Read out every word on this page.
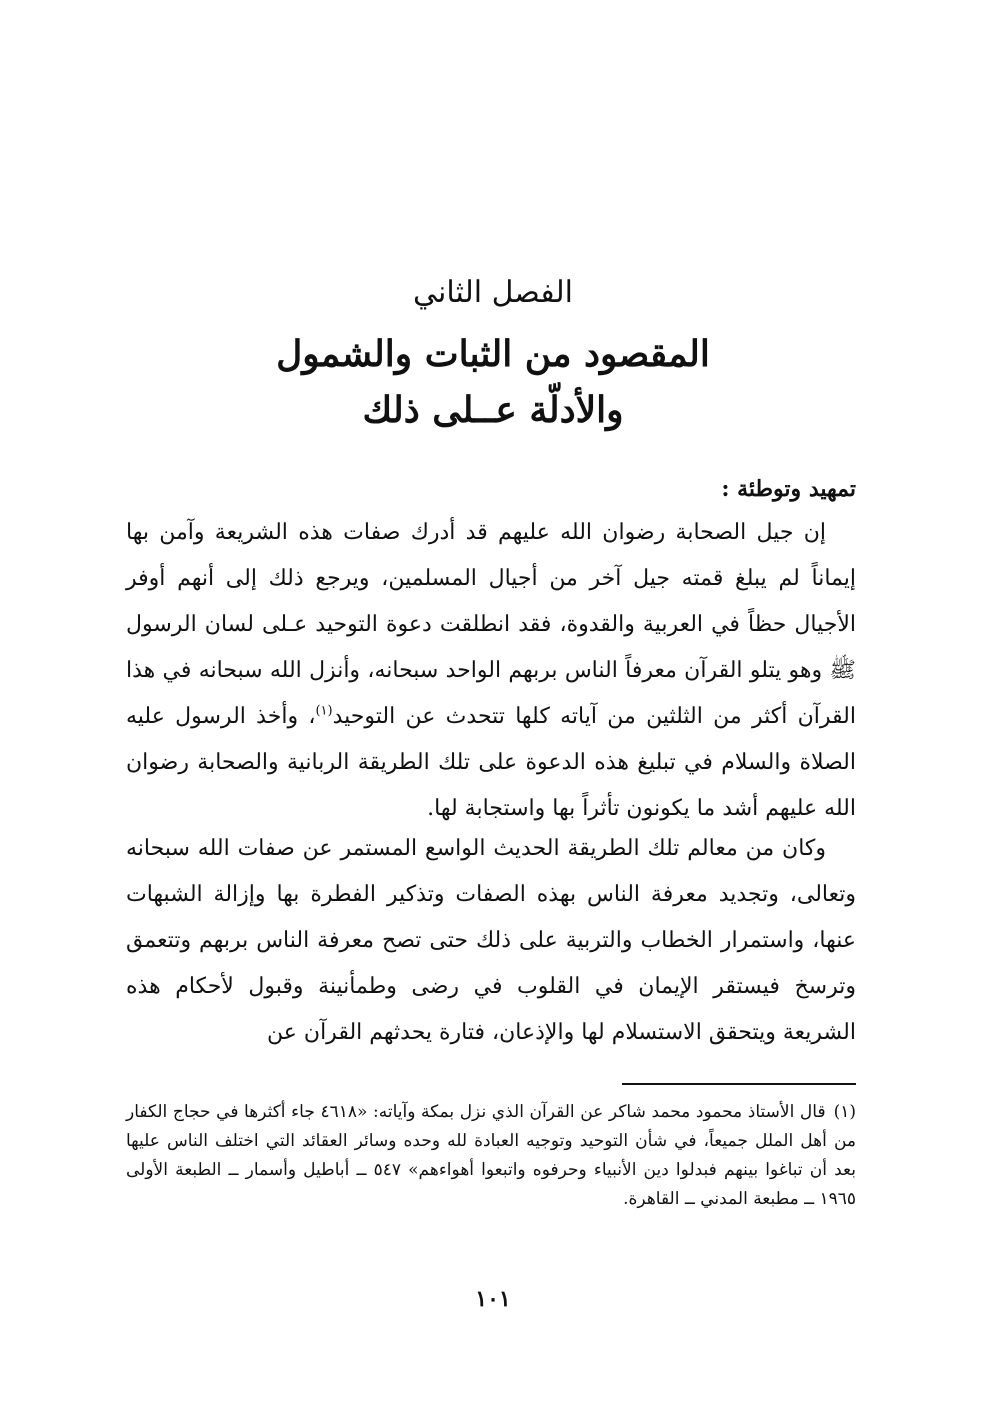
الفصل الثاني

المقصود من الثبات والشمول
والأدلّة عــلى ذلك
تمهيد وتوطئة :

إن جيل الصحابة رضوان الله عليهم قد أدرك صفات هذه الشريعة وآمن بها إيماناً لم يبلغ قمته جيل آخر من أجيال المسلمين، ويرجع ذلك إلى أنهم أوفر الأجيال حظاً في العربية والقدوة، فقد انطلقت دعوة التوحيد عـلى لسان الرسول ﷺ وهو يتلو القرآن معرفاً الناس بربهم الواحد سبحانه، وأنزل الله سبحانه في هذا القرآن أكثر من الثلثين من آياته كلها تتحدث عن التوحيد$^{(١)}$، وأخذ الرسول عليه الصلاة والسلام في تبليغ هذه الدعوة على تلك الطريقة الربانية والصحابة رضوان الله عليهم أشد ما يكونون تأثراً بها واستجابة لها.

وكان من معالم تلك الطريقة الحديث الواسع المستمر عن صفات الله سبحانه وتعالى، وتجديد معرفة الناس بهذه الصفات وتذكير الفطرة بها وإزالة الشبهات عنها، واستمرار الخطاب والتربية على ذلك حتى تصح معرفة الناس بربهم وتتعمق وترسخ فيستقر الإيمان في القلوب في رضى وطمأنينة وقبول لأحكام هذه الشريعة ويتحقق الاستسلام لها والإذعان، فتارة يحدثهم القرآن عن

(١)قال الأستاذ محمود محمد شاكر عن القرآن الذي نزل بمكة وآياته: «٤٦١٨ جاء أكثرها في حجاج الكفار من أهل الملل جميعاً، في شأن التوحيد وتوجيه العبادة لله وحده وسائر العقائد التي اختلف الناس عليها بعد أن تباغوا بينهم فبدلوا دين الأنبياء وحرفوه واتبعوا أهواءهم» ٥٤٧ ــ أباطيل وأسمار ــ الطبعة الأولى ١٩٦٥ ــ مطبعة المدني ــ القاهرة.

١٠١
